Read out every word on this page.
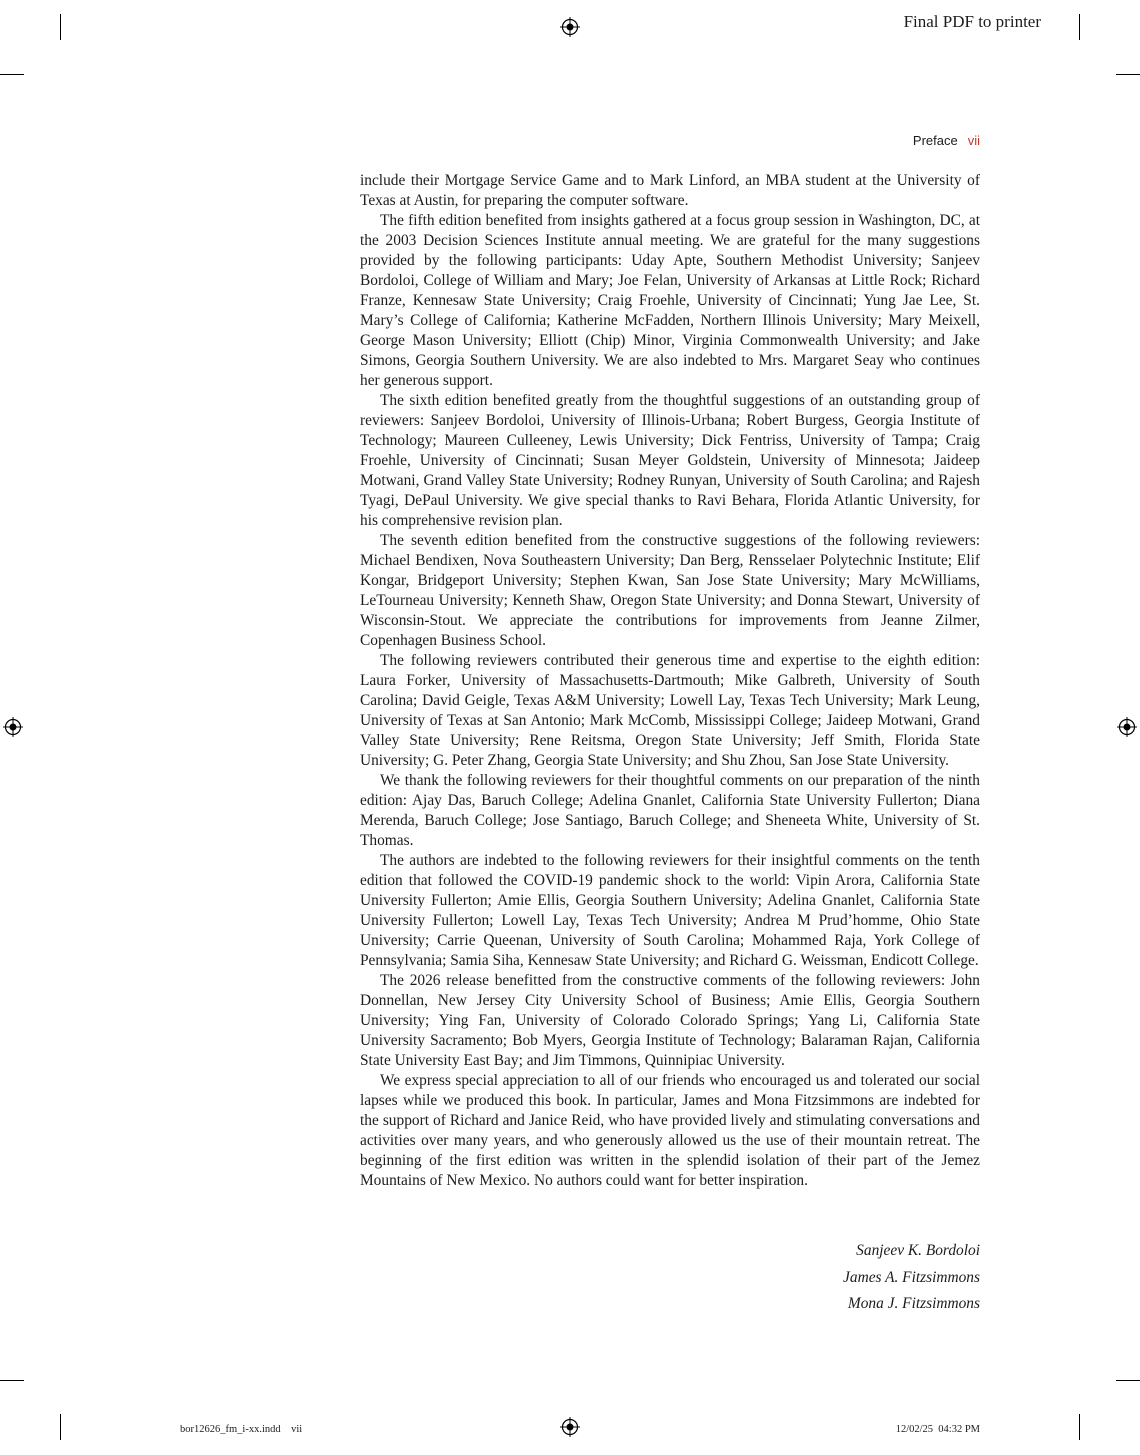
Final PDF to printer
Preface vii

include their Mortgage Service Game and to Mark Linford, an MBA student at the University of Texas at Austin, for preparing the computer software.

The fifth edition benefited from insights gathered at a focus group session in Washington, DC, at the 2003 Decision Sciences Institute annual meeting. We are grateful for the many suggestions provided by the following participants: Uday Apte, Southern Methodist University; Sanjeev Bordoloi, College of William and Mary; Joe Felan, University of Arkansas at Little Rock; Richard Franze, Kennesaw State University; Craig Froehle, University of Cincinnati; Yung Jae Lee, St. Mary’s College of California; Katherine McFadden, Northern Illinois University; Mary Meixell, George Mason University; Elliott (Chip) Minor, Virginia Commonwealth University; and Jake Simons, Georgia Southern University. We are also indebted to Mrs. Margaret Seay who continues her generous support.

The sixth edition benefited greatly from the thoughtful suggestions of an outstanding group of reviewers: Sanjeev Bordoloi, University of Illinois-Urbana; Robert Burgess, Georgia Institute of Technology; Maureen Culleeney, Lewis University; Dick Fentriss, University of Tampa; Craig Froehle, University of Cincinnati; Susan Meyer Goldstein, University of Minnesota; Jaideep Motwani, Grand Valley State University; Rodney Runyan, University of South Carolina; and Rajesh Tyagi, DePaul University. We give special thanks to Ravi Behara, Florida Atlantic University, for his comprehensive revision plan.

The seventh edition benefited from the constructive suggestions of the following reviewers: Michael Bendixen, Nova Southeastern University; Dan Berg, Rensselaer Polytechnic Institute; Elif Kongar, Bridgeport University; Stephen Kwan, San Jose State University; Mary McWilliams, LeTourneau University; Kenneth Shaw, Oregon State University; and Donna Stewart, University of Wisconsin-Stout. We appreciate the contributions for improvements from Jeanne Zilmer, Copenhagen Business School.

The following reviewers contributed their generous time and expertise to the eighth edition: Laura Forker, University of Massachusetts-Dartmouth; Mike Galbreth, University of South Carolina; David Geigle, Texas A&M University; Lowell Lay, Texas Tech University; Mark Leung, University of Texas at San Antonio; Mark McComb, Mississippi College; Jaideep Motwani, Grand Valley State University; Rene Reitsma, Oregon State University; Jeff Smith, Florida State University; G. Peter Zhang, Georgia State University; and Shu Zhou, San Jose State University.

We thank the following reviewers for their thoughtful comments on our preparation of the ninth edition: Ajay Das, Baruch College; Adelina Gnanlet, California State University Fullerton; Diana Merenda, Baruch College; Jose Santiago, Baruch College; and Sheneeta White, University of St. Thomas.

The authors are indebted to the following reviewers for their insightful comments on the tenth edition that followed the COVID-19 pandemic shock to the world: Vipin Arora, California State University Fullerton; Amie Ellis, Georgia Southern University; Adelina Gnanlet, California State University Fullerton; Lowell Lay, Texas Tech University; Andrea M Prud’homme, Ohio State University; Carrie Queenan, University of South Carolina; Mohammed Raja, York College of Pennsylvania; Samia Siha, Kennesaw State University; and Richard G. Weissman, Endicott College.

The 2026 release benefitted from the constructive comments of the following reviewers: John Donnellan, New Jersey City University School of Business; Amie Ellis, Georgia Southern University; Ying Fan, University of Colorado Colorado Springs; Yang Li, California State University Sacramento; Bob Myers, Georgia Institute of Technology; Balaraman Rajan, California State University East Bay; and Jim Timmons, Quinnipiac University.

We express special appreciation to all of our friends who encouraged us and tolerated our social lapses while we produced this book. In particular, James and Mona Fitzsimmons are indebted for the support of Richard and Janice Reid, who have provided lively and stimulating conversations and activities over many years, and who generously allowed us the use of their mountain retreat. The beginning of the first edition was written in the splendid isolation of their part of the Jemez Mountains of New Mexico. No authors could want for better inspiration.

Sanjeev K. Bordoloi
James A. Fitzsimmons
Mona J. Fitzsimmons
bor12626_fm_i-xx.indd    vii	12/02/25  04:32 PM
